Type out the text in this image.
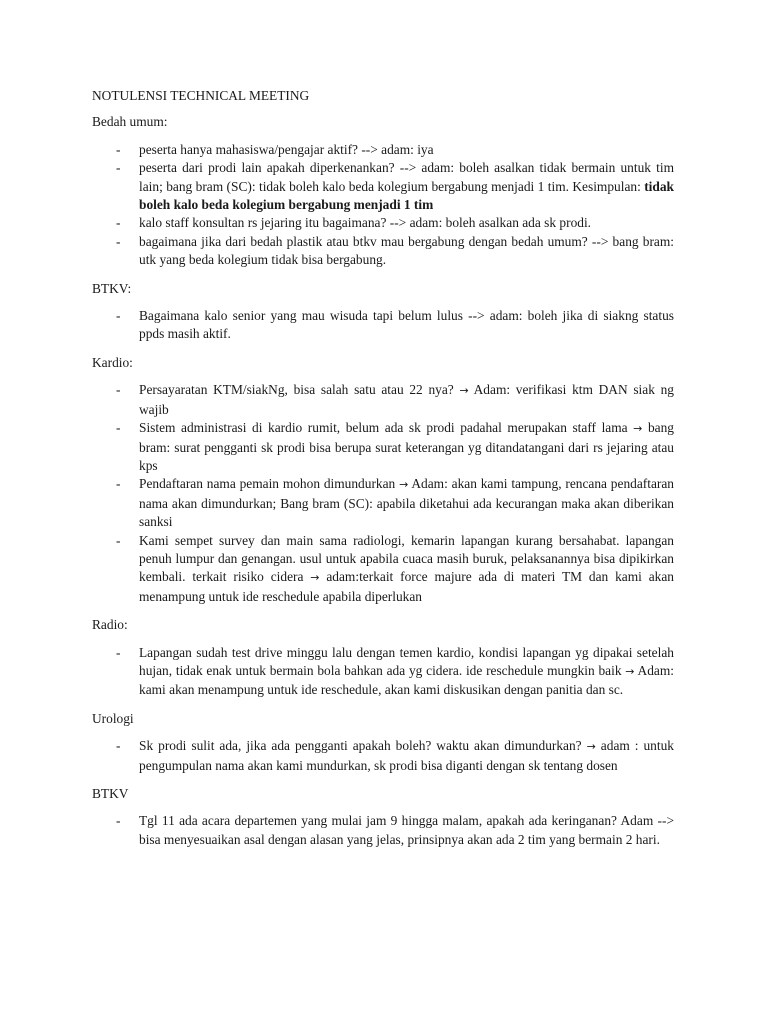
NOTULENSI TECHNICAL MEETING
Bedah umum:
- peserta hanya mahasiswa/pengajar aktif? --> adam: iya
- peserta dari prodi lain apakah diperkenankan? --> adam: boleh asalkan tidak bermain untuk tim lain; bang bram (SC): tidak boleh kalo beda kolegium bergabung menjadi 1 tim. Kesimpulan: tidak boleh kalo beda kolegium bergabung menjadi 1 tim
- kalo staff konsultan rs jejaring itu bagaimana? --> adam: boleh asalkan ada sk prodi.
- bagaimana jika dari bedah plastik atau btkv mau bergabung dengan bedah umum? --> bang bram: utk yang beda kolegium tidak bisa bergabung.
BTKV:
- Bagaimana kalo senior yang mau wisuda tapi belum lulus --> adam: boleh jika di siakng status ppds masih aktif.
Kardio:
- Persayaratan KTM/siakNg, bisa salah satu atau 22 nya? → Adam: verifikasi ktm DAN siak ng wajib
- Sistem administrasi di kardio rumit, belum ada sk prodi padahal merupakan staff lama → bang bram: surat pengganti sk prodi bisa berupa surat keterangan yg ditandatangani dari rs jejaring atau kps
- Pendaftaran nama pemain mohon dimundurkan → Adam: akan kami tampung, rencana pendaftaran nama akan dimundurkan; Bang bram (SC): apabila diketahui ada kecurangan maka akan diberikan sanksi
- Kami sempet survey dan main sama radiologi, kemarin lapangan kurang bersahabat. lapangan penuh lumpur dan genangan. usul untuk apabila cuaca masih buruk, pelaksanannya bisa dipikirkan kembali. terkait risiko cidera → adam:terkait force majure ada di materi TM dan kami akan menampung untuk ide reschedule apabila diperlukan
Radio:
- Lapangan sudah test drive minggu lalu dengan temen kardio, kondisi lapangan yg dipakai setelah hujan, tidak enak untuk bermain bola bahkan ada yg cidera. ide reschedule mungkin baik → Adam: kami akan menampung untuk ide reschedule, akan kami diskusikan dengan panitia dan sc.
Urologi
- Sk prodi sulit ada, jika ada pengganti apakah boleh? waktu akan dimundurkan? → adam : untuk pengumpulan nama akan kami mundurkan, sk prodi bisa diganti dengan sk tentang dosen
BTKV
- Tgl 11 ada acara departemen yang mulai jam 9 hingga malam, apakah ada keringanan? Adam --> bisa menyesuaikan asal dengan alasan yang jelas, prinsipnya akan ada 2 tim yang bermain 2 hari.
